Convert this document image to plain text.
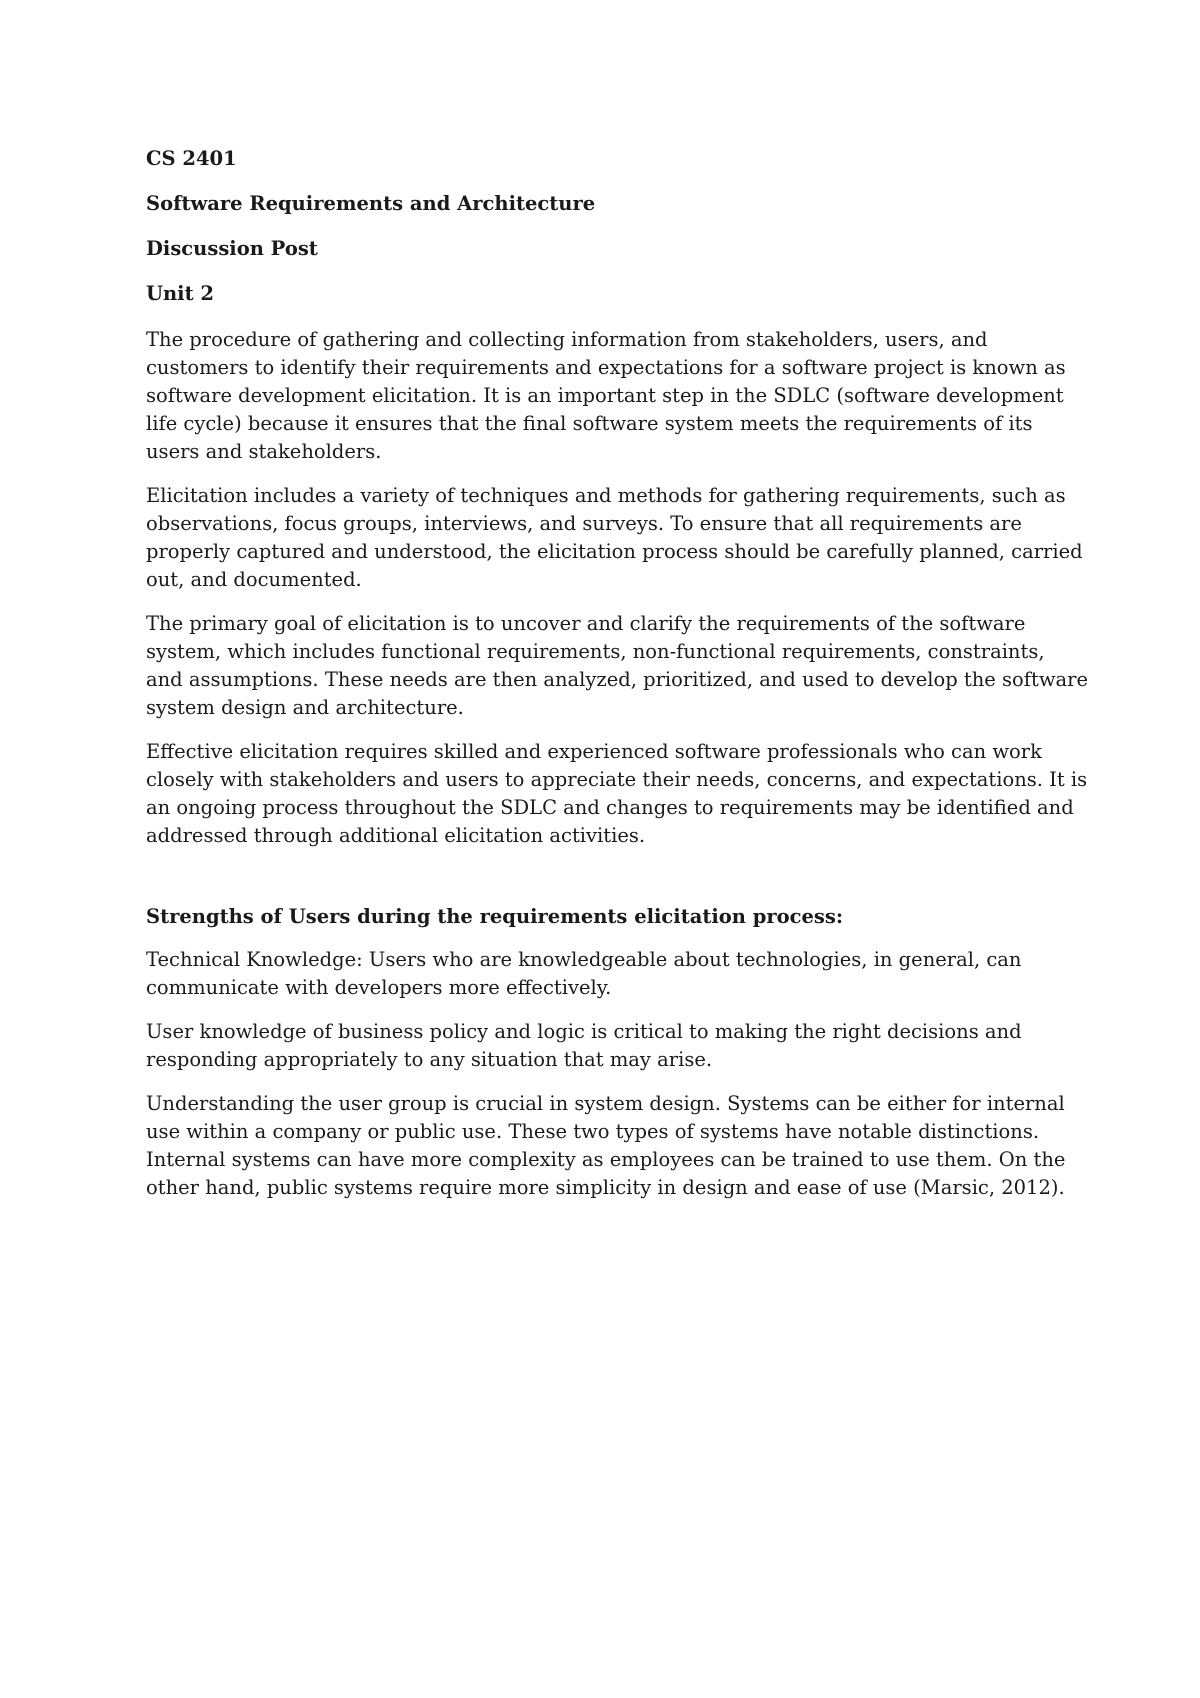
CS 2401
Software Requirements and Architecture
Discussion Post
Unit 2
The procedure of gathering and collecting information from stakeholders, users, and
customers to identify their requirements and expectations for a software project is known as
software development elicitation. It is an important step in the SDLC (software development
life cycle) because it ensures that the final software system meets the requirements of its
users and stakeholders.
Elicitation includes a variety of techniques and methods for gathering requirements, such as
observations, focus groups, interviews, and surveys. To ensure that all requirements are
properly captured and understood, the elicitation process should be carefully planned, carried
out, and documented.
The primary goal of elicitation is to uncover and clarify the requirements of the software
system, which includes functional requirements, non-functional requirements, constraints,
and assumptions. These needs are then analyzed, prioritized, and used to develop the software
system design and architecture.
Effective elicitation requires skilled and experienced software professionals who can work
closely with stakeholders and users to appreciate their needs, concerns, and expectations. It is
an ongoing process throughout the SDLC and changes to requirements may be identified and
addressed through additional elicitation activities.
Strengths of Users during the requirements elicitation process:
Technical Knowledge: Users who are knowledgeable about technologies, in general, can
communicate with developers more effectively.
User knowledge of business policy and logic is critical to making the right decisions and
responding appropriately to any situation that may arise.
Understanding the user group is crucial in system design. Systems can be either for internal
use within a company or public use. These two types of systems have notable distinctions.
Internal systems can have more complexity as employees can be trained to use them. On the
other hand, public systems require more simplicity in design and ease of use (Marsic, 2012).
